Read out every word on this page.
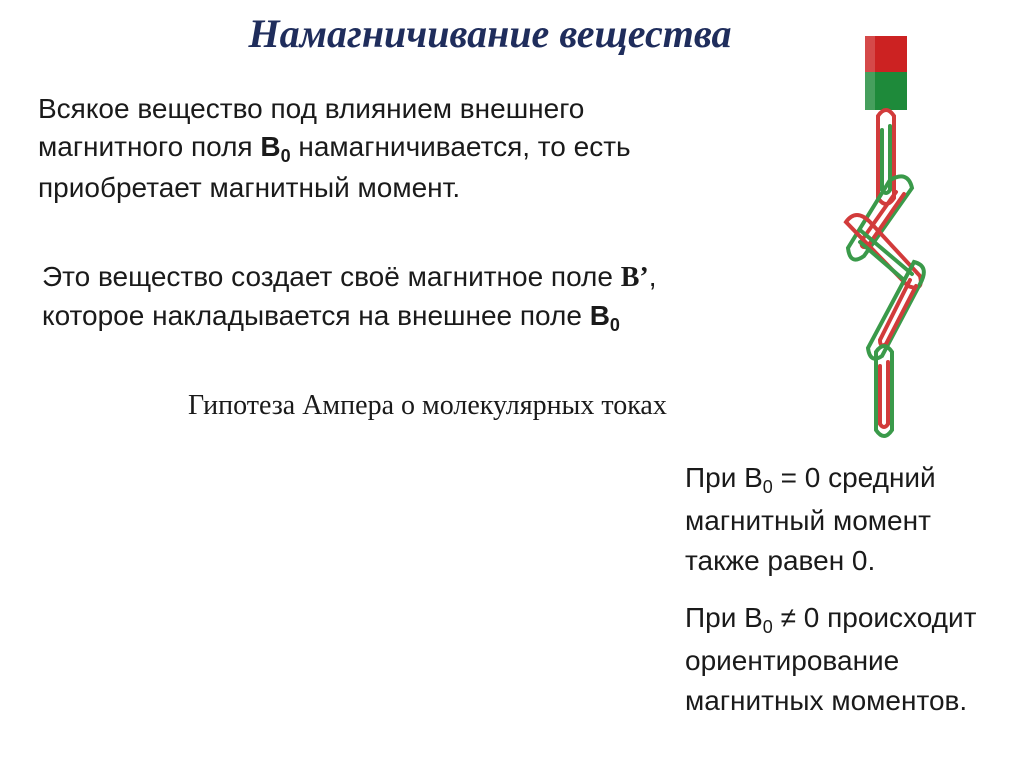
Намагничивание вещества
Всякое вещество под влиянием внешнего
магнитного поля $B_0$ намагничивается, то есть
приобретает магнитный момент.
Это вещество создает своё магнитное поле B’,
которое накладывается на внешнее поле $B_0$
Гипотеза Ампера о молекулярных токах
При $B_0 = 0$ средний
магнитный момент
также равен 0.
При $B_0 \ne 0$ происходит
ориентирование
магнитных моментов.
